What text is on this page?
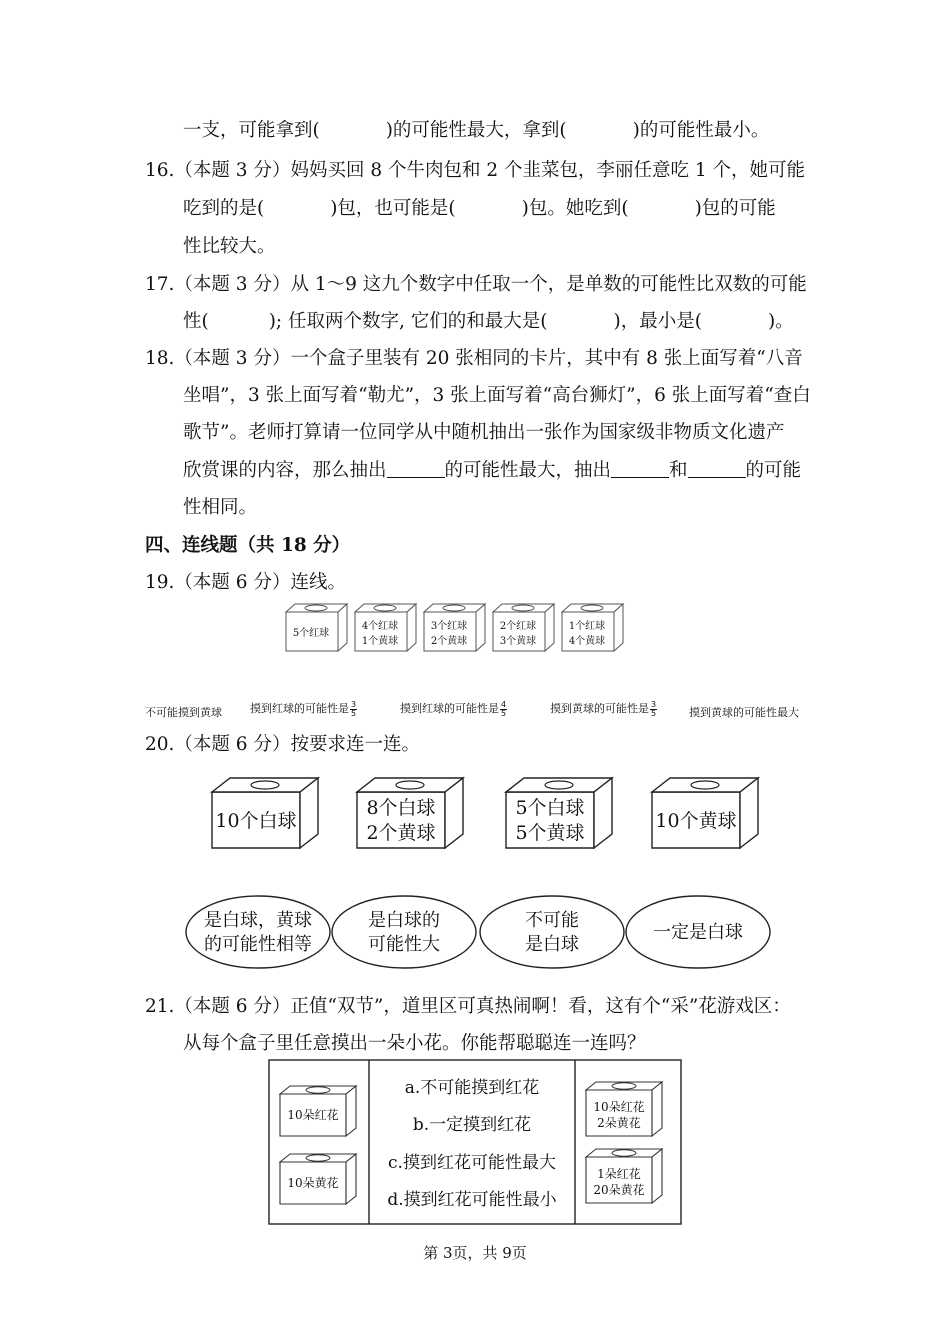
一支，可能拿到(	)的可能性最大，拿到(	)的可能性最小。
16.（本题 3 分）妈妈买回 8 个牛肉包和 2 个韭菜包，李丽任意吃 1 个，她可能
吃到的是(	)包，也可能是(	)包。她吃到(	)包的可能
性比较大。
17.（本题 3 分）从 1～9 这九个数字中任取一个，是单数的可能性比双数的可能
性(	); 任取两个数字, 它们的和最大是(	)，最小是(	)。
18.（本题 3 分）一个盒子里装有 20 张相同的卡片，其中有 8 张上面写着“八音
坐唱”，3 张上面写着“勒尤”，3 张上面写着“高台狮灯”，6 张上面写着“查白
歌节”。老师打算请一位同学从中随机抽出一张作为国家级非物质文化遗产
欣赏课的内容，那么抽出	的可能性最大，抽出	和	的可能
性相同。
四、连线题（共 18 分）
19.（本题 6 分）连线。
5个红球
4个红球
1个黄球
3个红球
2个黄球
2个红球
3个黄球
1个红球
4个黄球
不可能摸到黄球	摸到红球的可能性是 $\frac{3}{5}$	摸到红球的可能性是 $\frac{4}{5}$	摸到黄球的可能性是 $\frac{3}{5}$	摸到黄球的可能性最大
20.（本题 6 分）按要求连一连。
10个白球
8个白球
2个黄球
5个白球
5个黄球
10个黄球
是白球，黄球
的可能性相等
是白球的
可能性大
不可能
是白球
一定是白球
21.（本题 6 分）正值“双节”，道里区可真热闹啊！看，这有个“采”花游戏区：
从每个盒子里任意摸出一朵小花。你能帮聪聪连一连吗？
10朵红花
10朵黄花
a.不可能摸到红花
b.一定摸到红花
c.摸到红花可能性最大
d.摸到红花可能性最小
10朵红花
2朵黄花
1朵红花
20朵黄花
第 3页，共 9页
